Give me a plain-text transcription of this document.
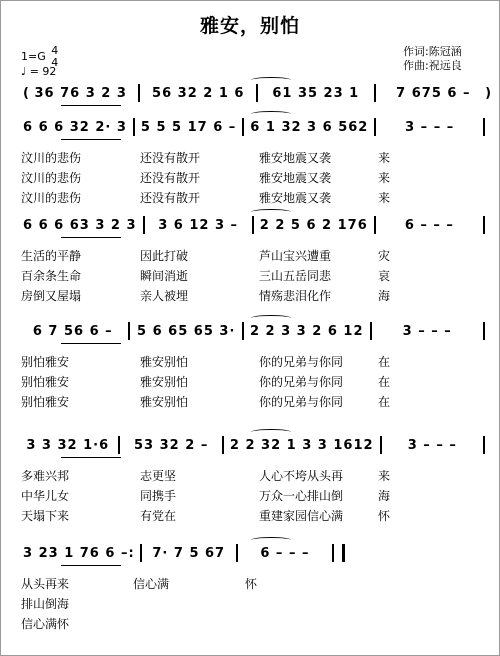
雅安，别怕
1=G 4
4
♩ = 92
作词:陈冠涵
作曲:祝远良
( 36 76 3 2 3	56 32 2 1 6	61 35 23 1	7 675 6 –	)
6 6 6 32 2· 3 5 5 5 17 6 – 6 1 32 3 6 562	3 – – –
汶川的悲伤	还没有散开	雅安地震又袭	来
汶川的悲伤	还没有散开	雅安地震又袭	来
汶川的悲伤	还没有散开	雅安地震又袭	来
6 6 6 63 3 2 3	3 6 12 3 –	2 2 5 6 2 176	6 – – –
生活的平静	因此打破	芦山宝兴遭重	灾
百余条生命	瞬间消逝	三山五岳同悲	哀
房倒又屋塌	亲人被埋	情殇悲泪化作	海
6 7 56 6 –	5 6 65 65 3· 2 2 3 3 2 6 12	3 – – –
别怕雅安	雅安别怕	你的兄弟与你同	在
别怕雅安	雅安别怕	你的兄弟与你同	在
别怕雅安	雅安别怕	你的兄弟与你同	在
3 3 32 1·6	53 32 2 –	2 2 32 1 3 3 1612	3 – – –
多难兴邦	志更坚	人心不垮从头再	来
中华儿女	同携手	万众一心排山倒	海
天塌下来	有党在	重建家园信心满	怀
3 23 1 76 6 – :	7· 7 5 67	6 – – –
从头再来	信心满	怀
排山倒海
信心满怀
